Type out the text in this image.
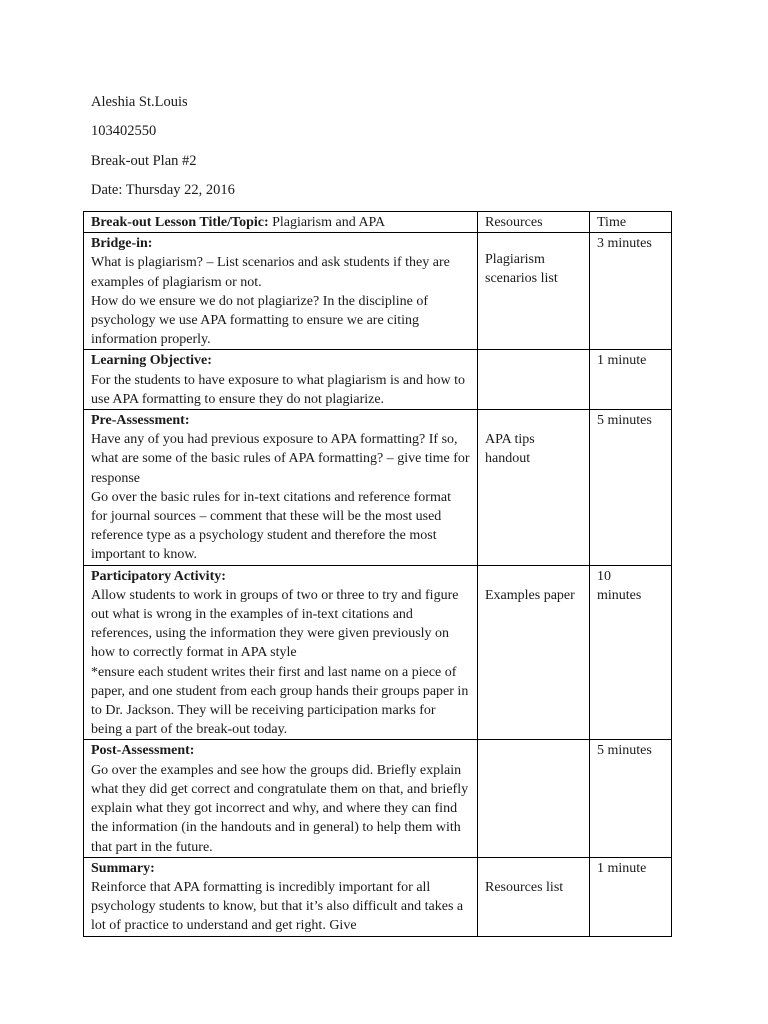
Aleshia St.Louis
103402550
Break-out Plan #2
Date: Thursday 22, 2016
Break-out Lesson Title/Topic: Plagiarism and APA	Resources	Time

Bridge-in:
What is plagiarism? – List scenarios and ask students if they are examples of plagiarism or not.
How do we ensure we do not plagiarize? In the discipline of psychology we use APA formatting to ensure we are citing information properly.	Plagiarism scenarios list	3 minutes

Learning Objective:
For the students to have exposure to what plagiarism is and how to use APA formatting to ensure they do not plagiarize.		1 minute

Pre-Assessment:
Have any of you had previous exposure to APA formatting? If so, what are some of the basic rules of APA formatting? – give time for response
Go over the basic rules for in-text citations and reference format for journal sources – comment that these will be the most used reference type as a psychology student and therefore the most important to know.	APA tips handout	5 minutes

Participatory Activity:
Allow students to work in groups of two or three to try and figure out what is wrong in the examples of in-text citations and references, using the information they were given previously on how to correctly format in APA style
*ensure each student writes their first and last name on a piece of paper, and one student from each group hands their groups paper in to Dr. Jackson. They will be receiving participation marks for being a part of the break-out today.	Examples paper	10 minutes

Post-Assessment:
Go over the examples and see how the groups did. Briefly explain what they did get correct and congratulate them on that, and briefly explain what they got incorrect and why, and where they can find the information (in the handouts and in general) to help them with that part in the future.		5 minutes

Summary:
Reinforce that APA formatting is incredibly important for all psychology students to know, but that it’s also difficult and takes a lot of practice to understand and get right. Give	Resources list	1 minute
